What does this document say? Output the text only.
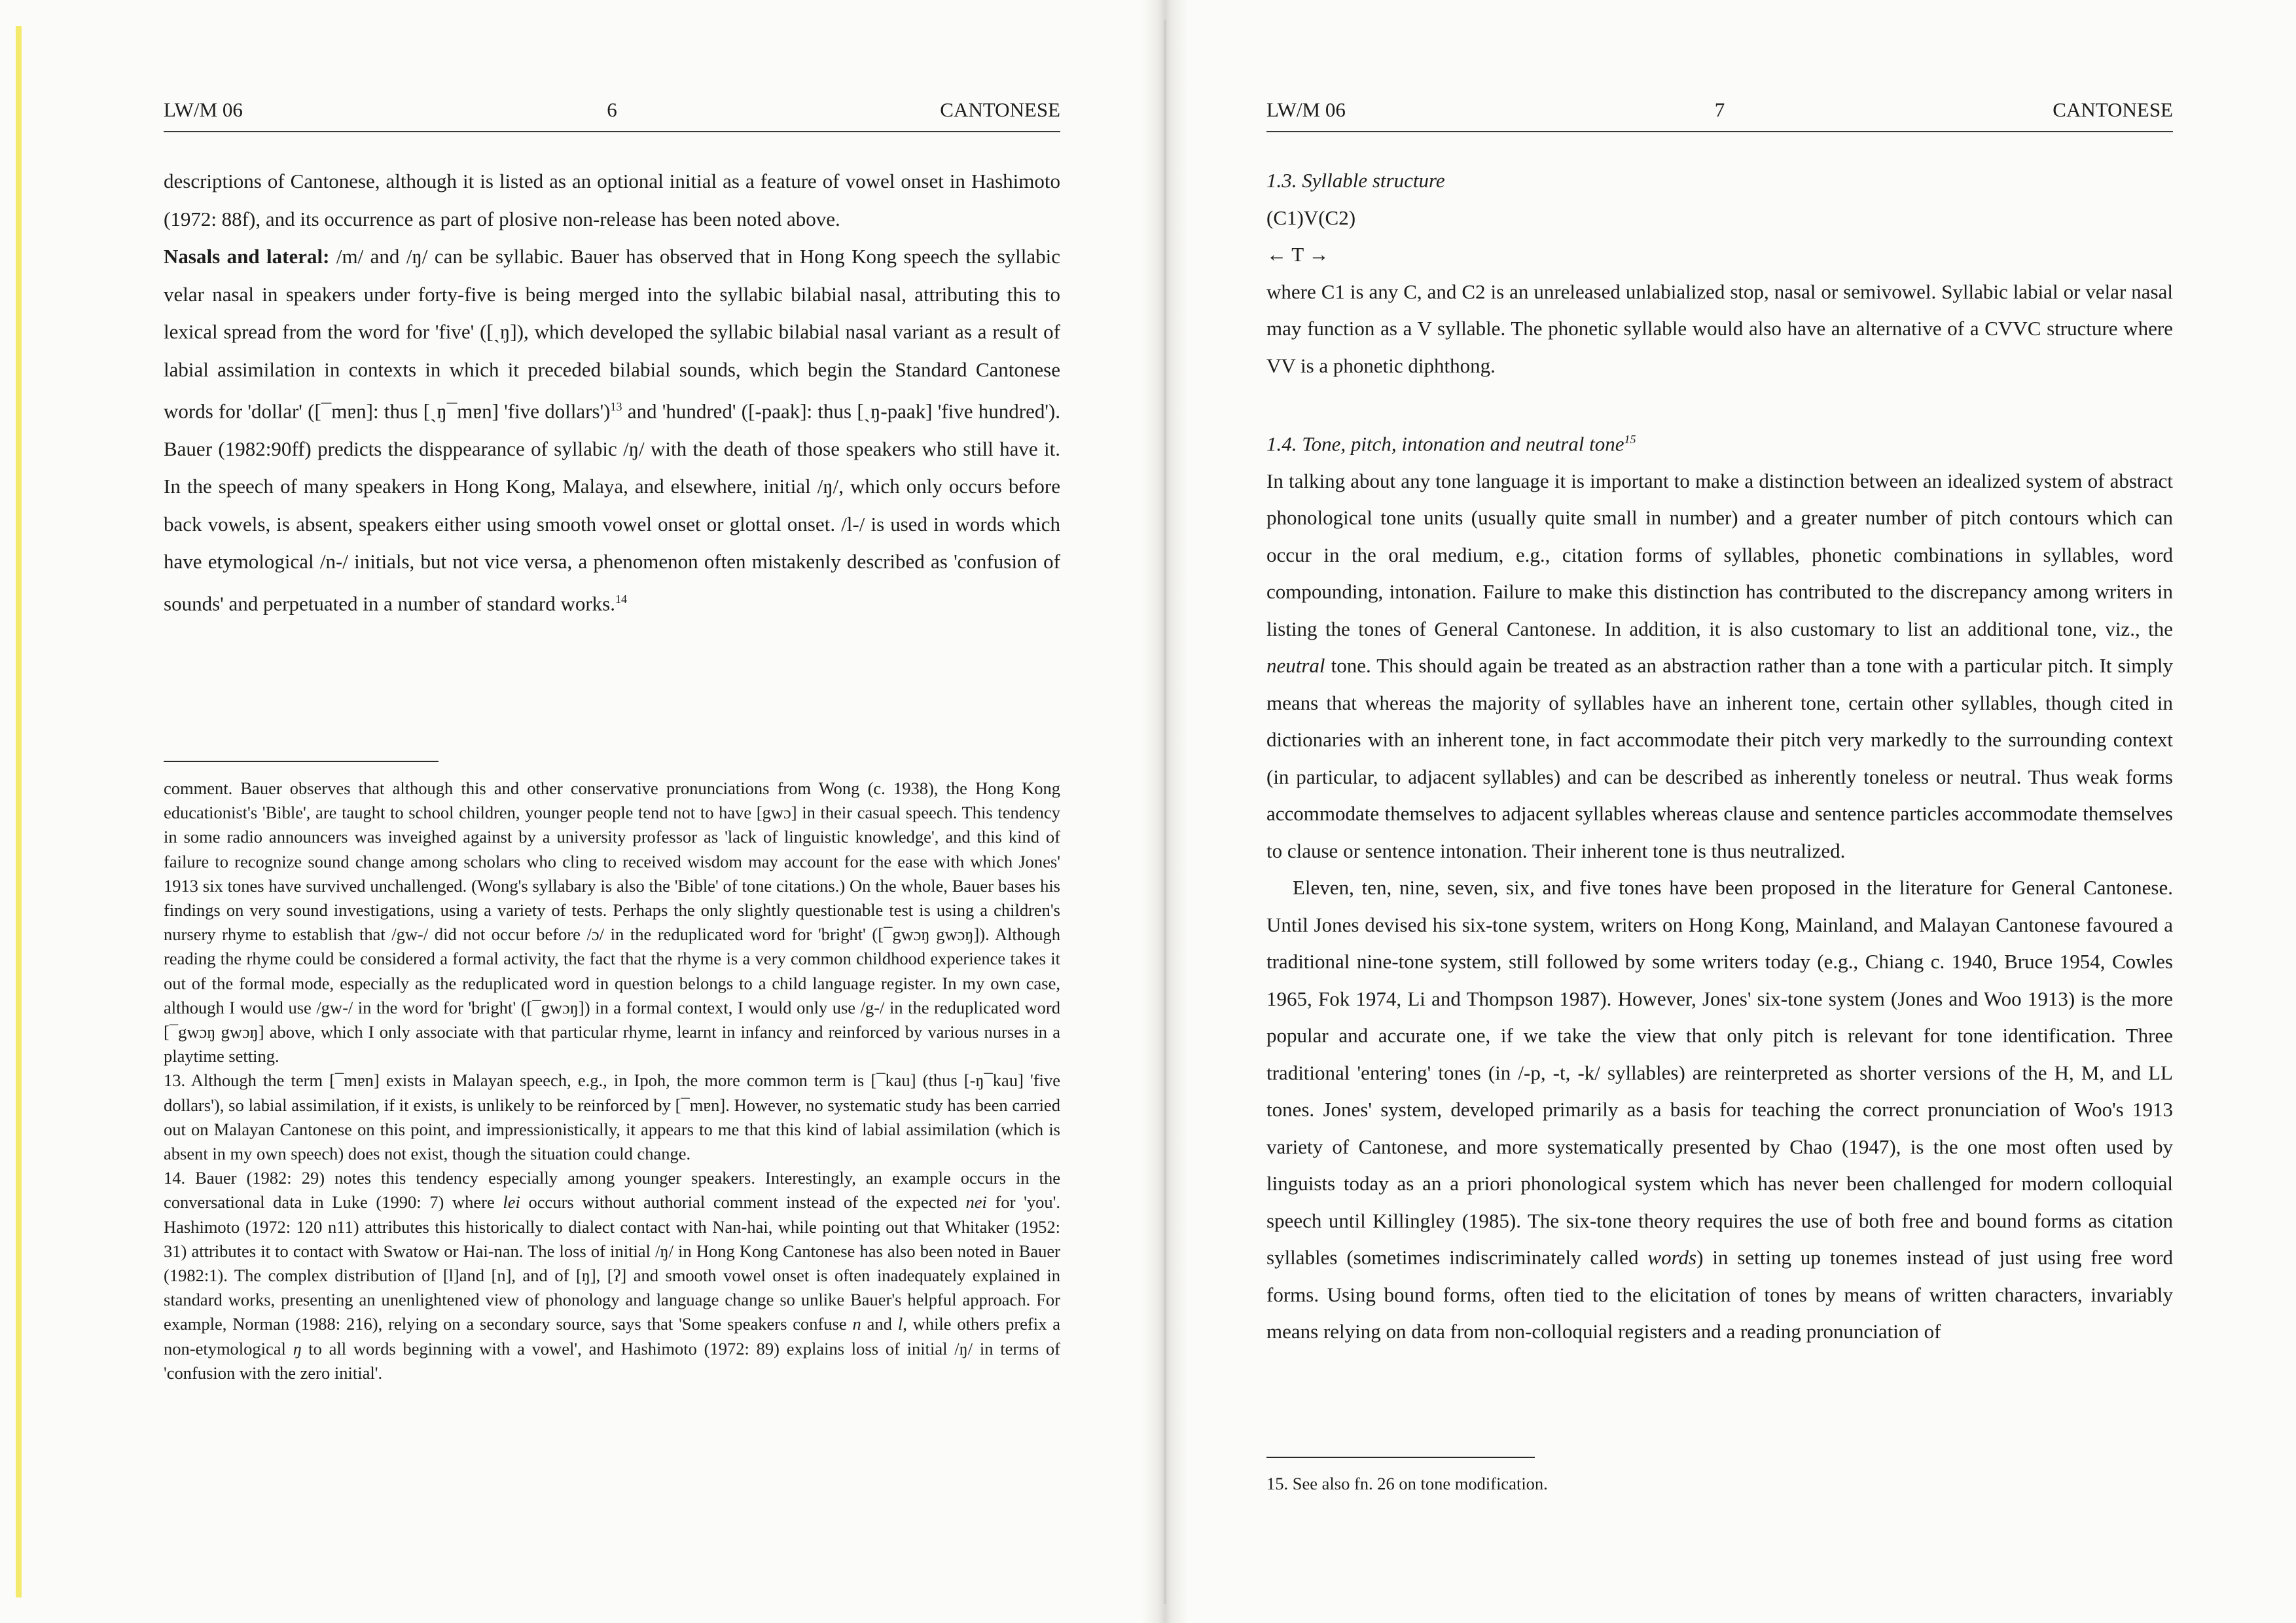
LW/M 06	6	CANTONESE

descriptions of Cantonese, although it is listed as an optional initial as a feature of vowel onset in Hashimoto (1972: 88f), and its occurrence as part of plosive non-release has been noted above.

Nasals and lateral: /m/ and /ŋ/ can be syllabic. Bauer has observed that in Hong Kong speech the syllabic velar nasal in speakers under forty-five is being merged into the syllabic bilabial nasal, attributing this to lexical spread from the word for 'five' ([ˏŋ]), which developed the syllabic bilabial nasal variant as a result of labial assimilation in contexts in which it preceded bilabial sounds, which begin the Standard Cantonese words for 'dollar' ([¯mɐn]: thus [ˏŋ¯mɐn] 'five dollars')$^{13}$ and 'hundred' ([-paak]: thus [ˏŋ-paak] 'five hundred'). Bauer (1982:90ff) predicts the disppearance of syllabic /ŋ/ with the death of those speakers who still have it. In the speech of many speakers in Hong Kong, Malaya, and elsewhere, initial /ŋ/, which only occurs before back vowels, is absent, speakers either using smooth vowel onset or glottal onset. /l-/ is used in words which have etymological /n-/ initials, but not vice versa, a phenomenon often mistakenly described as 'confusion of sounds' and perpetuated in a number of standard works.$^{14}$

comment. Bauer observes that although this and other conservative pronunciations from Wong (c. 1938), the Hong Kong educationist's 'Bible', are taught to school children, younger people tend not to have [gwɔ] in their casual speech. This tendency in some radio announcers was inveighed against by a university professor as 'lack of linguistic knowledge', and this kind of failure to recognize sound change among scholars who cling to received wisdom may account for the ease with which Jones' 1913 six tones have survived unchallenged. (Wong's syllabary is also the 'Bible' of tone citations.) On the whole, Bauer bases his findings on very sound investigations, using a variety of tests. Perhaps the only slightly questionable test is using a children's nursery rhyme to establish that /gw-/ did not occur before /ɔ/ in the reduplicated word for 'bright' ([¯gwɔŋ gwɔŋ]). Although reading the rhyme could be considered a formal activity, the fact that the rhyme is a very common childhood experience takes it out of the formal mode, especially as the reduplicated word in question belongs to a child language register. In my own case, although I would use /gw-/ in the word for 'bright' ([¯gwɔŋ]) in a formal context, I would only use /g-/ in the reduplicated word [¯gwɔŋ gwɔŋ] above, which I only associate with that particular rhyme, learnt in infancy and reinforced by various nurses in a playtime setting.

13. Although the term [¯mɐn] exists in Malayan speech, e.g., in Ipoh, the more common term is [¯kau] (thus [-ŋ¯kau] 'five dollars'), so labial assimilation, if it exists, is unlikely to be reinforced by [¯mɐn]. However, no systematic study has been carried out on Malayan Cantonese on this point, and impressionistically, it appears to me that this kind of labial assimilation (which is absent in my own speech) does not exist, though the situation could change.

14. Bauer (1982: 29) notes this tendency especially among younger speakers. Interestingly, an example occurs in the conversational data in Luke (1990: 7) where lei occurs without authorial comment instead of the expected nei for 'you'. Hashimoto (1972: 120 n11) attributes this historically to dialect contact with Nan-hai, while pointing out that Whitaker (1952: 31) attributes it to contact with Swatow or Hai-nan. The loss of initial /ŋ/ in Hong Kong Cantonese has also been noted in Bauer (1982:1). The complex distribution of [l]and [n], and of [ŋ], [ʔ] and smooth vowel onset is often inadequately explained in standard works, presenting an unenlightened view of phonology and language change so unlike Bauer's helpful approach. For example, Norman (1988: 216), relying on a secondary source, says that 'Some speakers confuse n and l, while others prefix a non-etymological ŋ to all words beginning with a vowel', and Hashimoto (1972: 89) explains loss of initial /ŋ/ in terms of 'confusion with the zero initial'.

LW/M 06	7	CANTONESE

1.3. Syllable structure

(C1)V(C2)

← T →

where C1 is any C, and C2 is an unreleased unlabialized stop, nasal or semivowel. Syllabic labial or velar nasal may function as a V syllable. The phonetic syllable would also have an alternative of a CVVC structure where VV is a phonetic diphthong.

1.4. Tone, pitch, intonation and neutral tone$^{15}$

In talking about any tone language it is important to make a distinction between an idealized system of abstract phonological tone units (usually quite small in number) and a greater number of pitch contours which can occur in the oral medium, e.g., citation forms of syllables, phonetic combinations in syllables, word compounding, intonation. Failure to make this distinction has contributed to the discrepancy among writers in listing the tones of General Cantonese. In addition, it is also customary to list an additional tone, viz., the neutral tone. This should again be treated as an abstraction rather than a tone with a particular pitch. It simply means that whereas the majority of syllables have an inherent tone, certain other syllables, though cited in dictionaries with an inherent tone, in fact accommodate their pitch very markedly to the surrounding context (in particular, to adjacent syllables) and can be described as inherently toneless or neutral. Thus weak forms accommodate themselves to adjacent syllables whereas clause and sentence particles accommodate themselves to clause or sentence intonation. Their inherent tone is thus neutralized.

Eleven, ten, nine, seven, six, and five tones have been proposed in the literature for General Cantonese. Until Jones devised his six-tone system, writers on Hong Kong, Mainland, and Malayan Cantonese favoured a traditional nine-tone system, still followed by some writers today (e.g., Chiang c. 1940, Bruce 1954, Cowles 1965, Fok 1974, Li and Thompson 1987). However, Jones' six-tone system (Jones and Woo 1913) is the more popular and accurate one, if we take the view that only pitch is relevant for tone identification. Three traditional 'entering' tones (in /-p, -t, -k/ syllables) are reinterpreted as shorter versions of the H, M, and LL tones. Jones' system, developed primarily as a basis for teaching the correct pronunciation of Woo's 1913 variety of Cantonese, and more systematically presented by Chao (1947), is the one most often used by linguists today as an a priori phonological system which has never been challenged for modern colloquial speech until Killingley (1985). The six-tone theory requires the use of both free and bound forms as citation syllables (sometimes indiscriminately called words) in setting up tonemes instead of just using free word forms. Using bound forms, often tied to the elicitation of tones by means of written characters, invariably means relying on data from non-colloquial registers and a reading pronunciation of

15. See also fn. 26 on tone modification.
